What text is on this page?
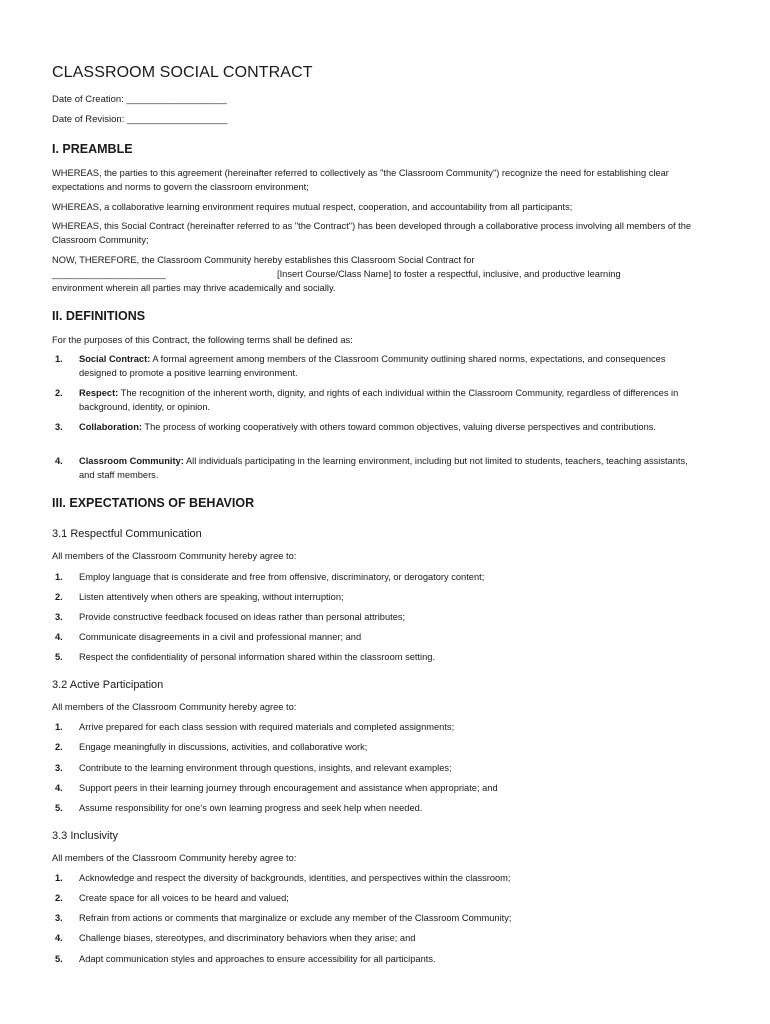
CLASSROOM SOCIAL CONTRACT
Date of Creation: ___________________
Date of Revision: ___________________
I. PREAMBLE

WHEREAS, the parties to this agreement (hereinafter referred to collectively as "the Classroom Community") recognize the need for establishing clear expectations and norms to govern the classroom environment;

WHEREAS, a collaborative learning environment requires mutual respect, cooperation, and accountability from all participants;

WHEREAS, this Social Contract (hereinafter referred to as "the Contract") has been developed through a collaborative process involving all members of the Classroom Community;

NOW, THEREFORE, the Classroom Community hereby establishes this Classroom Social Contract for

______________________	[Insert Course/Class Name] to foster a respectful, inclusive, and productive learning

environment wherein all parties may thrive academically and socially.

II. DEFINITIONS

For the purposes of this Contract, the following terms shall be defined as:

1. Social Contract: A formal agreement among members of the Classroom Community outlining shared norms, expectations, and consequences designed to promote a positive learning environment.

2. Respect: The recognition of the inherent worth, dignity, and rights of each individual within the Classroom Community, regardless of differences in background, identity, or opinion.

3. Collaboration: The process of working cooperatively with others toward common objectives, valuing diverse perspectives and contributions.

4. Classroom Community: All individuals participating in the learning environment, including but not limited to students, teachers, teaching assistants, and staff members.

III. EXPECTATIONS OF BEHAVIOR
3.1 Respectful Communication

All members of the Classroom Community hereby agree to:

1. Employ language that is considerate and free from offensive, discriminatory, or derogatory content;

2. Listen attentively when others are speaking, without interruption;

3. Provide constructive feedback focused on ideas rather than personal attributes;

4. Communicate disagreements in a civil and professional manner; and

5. Respect the confidentiality of personal information shared within the classroom setting.

3.2 Active Participation

All members of the Classroom Community hereby agree to:

1. Arrive prepared for each class session with required materials and completed assignments;

2. Engage meaningfully in discussions, activities, and collaborative work;

3. Contribute to the learning environment through questions, insights, and relevant examples;

4. Support peers in their learning journey through encouragement and assistance when appropriate; and

5. Assume responsibility for one's own learning progress and seek help when needed.

3.3 Inclusivity

All members of the Classroom Community hereby agree to:

1. Acknowledge and respect the diversity of backgrounds, identities, and perspectives within the classroom;

2. Create space for all voices to be heard and valued;

3. Refrain from actions or comments that marginalize or exclude any member of the Classroom Community;

4. Challenge biases, stereotypes, and discriminatory behaviors when they arise; and

5. Adapt communication styles and approaches to ensure accessibility for all participants.
